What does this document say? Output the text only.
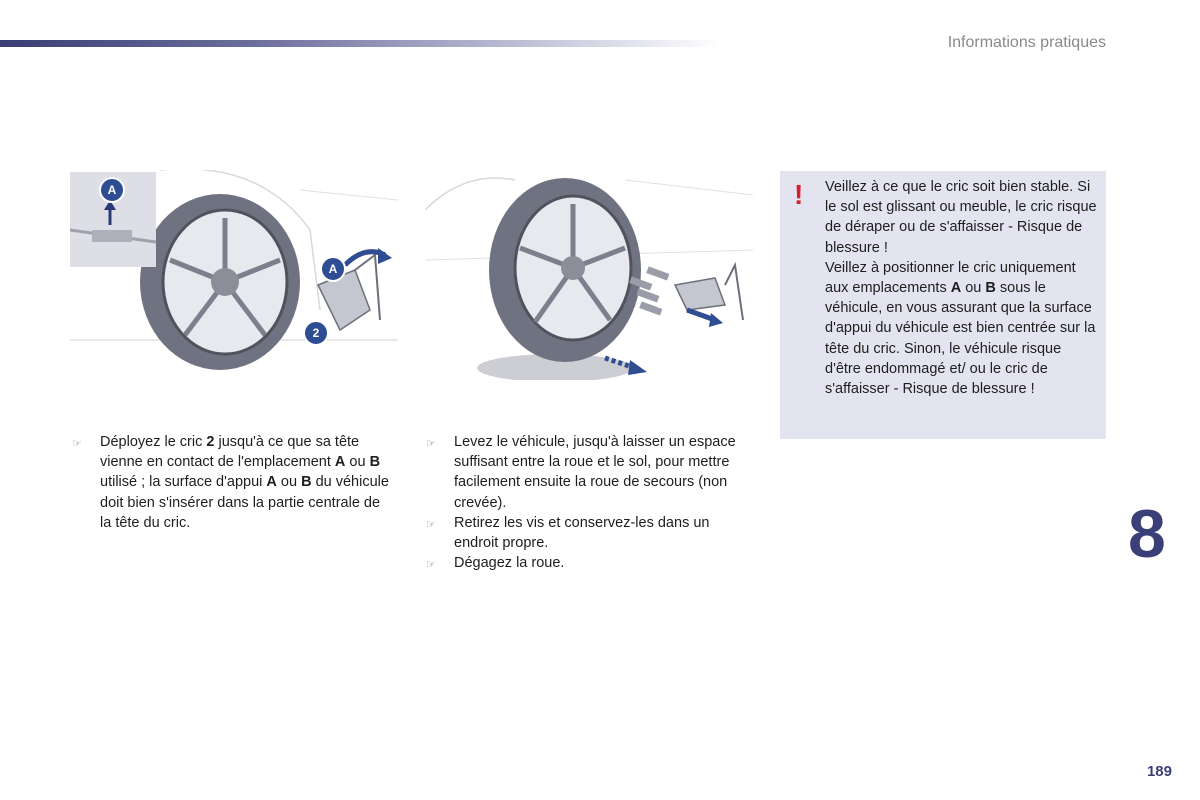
Informations pratiques
A
A
2
☞	Déployez le cric 2 jusqu'à ce que sa tête vienne en contact de l'emplacement A ou B utilisé ; la surface d'appui A ou B du véhicule doit bien s'insérer dans la partie centrale de la tête du cric.
☞	Levez le véhicule, jusqu'à laisser un espace suffisant entre la roue et le sol, pour mettre facilement ensuite la roue de secours (non crevée).
☞	Retirez les vis et conservez-les dans un endroit propre.
☞	Dégagez la roue.
! Veillez à ce que le cric soit bien stable. Si le sol est glissant ou meuble, le cric risque de déraper ou de s'affaisser - Risque de blessure !
Veillez à positionner le cric uniquement aux emplacements A ou B sous le véhicule, en vous assurant que la surface d'appui du véhicule est bien centrée sur la tête du cric. Sinon, le véhicule risque d'être endommagé et/ ou le cric de s'affaisser - Risque de blessure !
8
189
